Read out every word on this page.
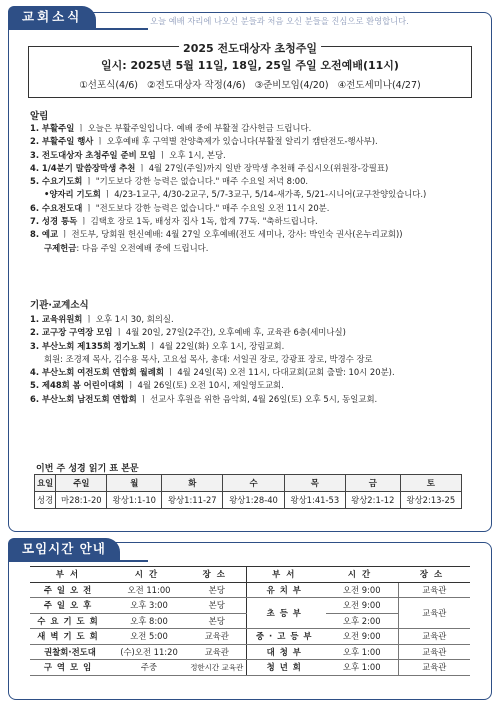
교회소식	오늘 예배 자리에 나오신 분들과 처음 오신 분들을 진심으로 환영합니다.
2025 전도대상자 초청주일
일시: 2025년 5월 11일, 18일, 25일 주일 오전예배(11시)
①선포식(4/6) ②전도대상자 작정(4/6) ③준비모임(4/20) ④전도세미나(4/27)
알림
1. 부활주일 ㅣ 오늘은 부활주일입니다. 예배 중에 부활절 감사헌금 드립니다.
2. 부활주일 행사 ㅣ 오후예배 후 구역별 찬양축제가 있습니다(부활절 알리기 캠탄전도-행사부).
3. 전도대상자 초청주일 준비 모임 ㅣ 오후 1시, 본당.
4. 1/4분기 말씀장막생 추천 ㅣ 4월 27일(주일)까지 일반 장막생 추천해 주십시오(위원장-강필표)
5. 수요기도회 ㅣ "기도보다 강한 능력은 없습니다." 매주 수요일 저녁 8:00.
•양자리 기도회 ㅣ 4/23-1교구, 4/30-2교구, 5/7-3교구, 5/14-새가족, 5/21-시니어(교구찬양있습니다.)
6. 수요전도대 ㅣ "전도보다 강한 능력은 없습니다." 매주 수요일 오전 11시 20분.
7. 성경 통독 ㅣ 김택호 장로 1독, 배성자 집사 1독, 합계 77독. "축하드립니다.
8. 예교 ㅣ 전도부, 당회원 헌신예배: 4월 27일 오후예배(전도 세미나, 강사: 박인숙 권사(온누리교회))
구제헌금: 다음 주일 오전예배 중에 드립니다.
기관·교계소식
1. 교육위원회 ㅣ 오후 1시 30, 회의실.
2. 교구장 구역장 모임 ㅣ 4월 20일, 27일(2주간), 오후예배 후, 교육관 6층(세미나실)
3. 부산노회 제135회 정기노회 ㅣ 4월 22일(화) 오후 1시, 장림교회.
회원: 조경제 목사, 김수용 목사, 고요섭 목사, 총대: 서일권 장로, 강광표 장로, 박경수 장로
4. 부산노회 여전도회 연합회 월례회 ㅣ 4월 24일(목) 오전 11시, 다대교회(교회 출발: 10시 20분).
5. 제48회 봄 어린이대회 ㅣ 4월 26일(토) 오전 10시, 제일영도교회.
6. 부산노회 남전도회 연합회 ㅣ 선교사 후원을 위한 음악회, 4월 26일(토) 오후 5시, 동일교회.
이번 주 성경 읽기 표 본문
요일	주일	월	화	수	목	금	토
성경	마28:1-20	왕상1:1-10	왕상1:11-27	왕상1:28-40	왕상1:41-53	왕상2:1-12	왕상2:13-25
모임시간 안내
부서	시간	장소	부서	시간	장소
주일오전	오전 11:00	본당	유치부	오전 9:00	교육관
주일오후	오후 3:00	본당	초등부	오전 9:00	교육관
수요기도회	오후 8:00	본당		오후 2:00	
새벽기도회	오전 5:00	교육관	중·고등부	오전 9:00	교육관
권찰회·전도대	(수)오전 11:20	교육관	대청부	오후 1:00	교육관
구역모임	주중	정한시간 교육관	청년회	오후 1:00	교육관
